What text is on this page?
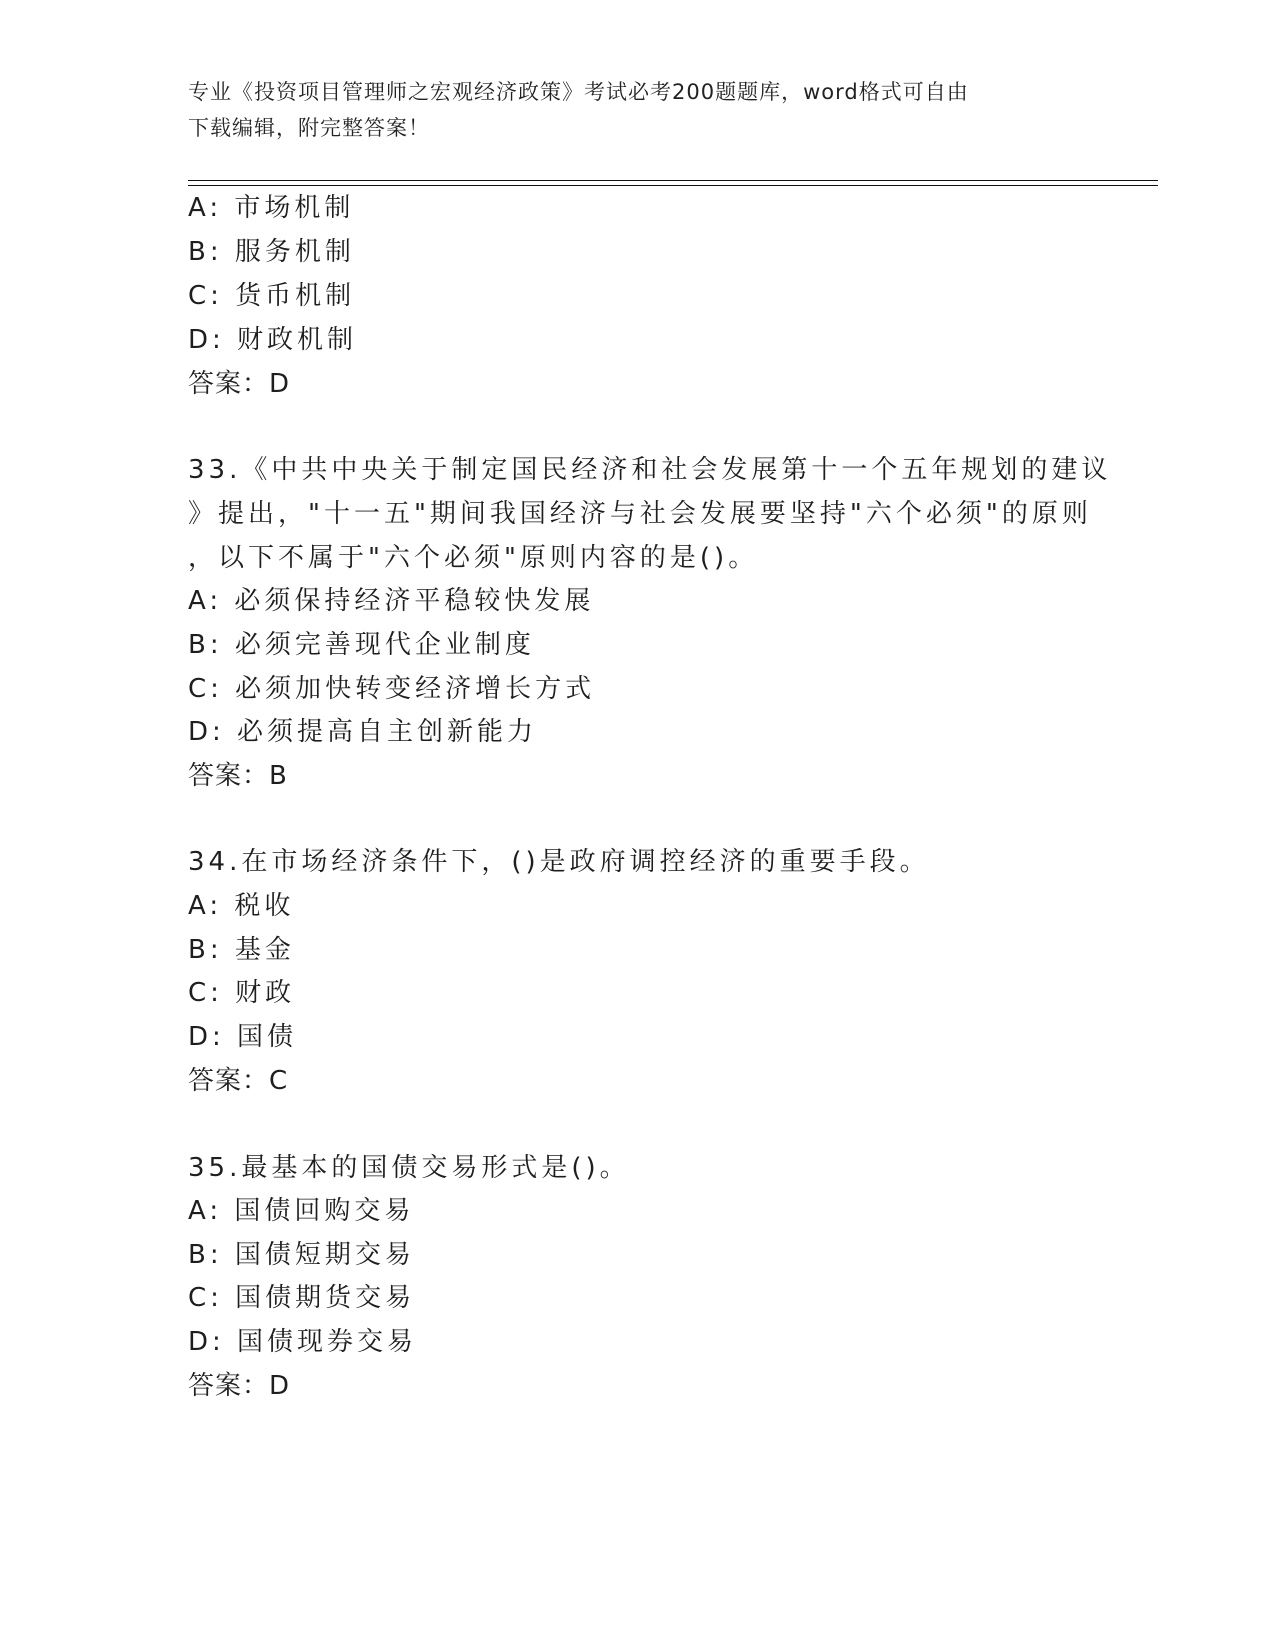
专业《投资项目管理师之宏观经济政策》考试必考200题题库，word格式可自由
下载编辑，附完整答案！
A: 市场机制
B: 服务机制
C: 货币机制
D: 财政机制
答案：D
33.《中共中央关于制定国民经济和社会发展第十一个五年规划的建议
》提出，"十一五"期间我国经济与社会发展要坚持"六个必须"的原则
，以下不属于"六个必须"原则内容的是()。
A: 必须保持经济平稳较快发展
B: 必须完善现代企业制度
C: 必须加快转变经济增长方式
D: 必须提高自主创新能力
答案：B
34.在市场经济条件下，()是政府调控经济的重要手段。
A: 税收
B: 基金
C: 财政
D: 国债
答案：C
35.最基本的国债交易形式是()。
A: 国债回购交易
B: 国债短期交易
C: 国债期货交易
D: 国债现券交易
答案：D
